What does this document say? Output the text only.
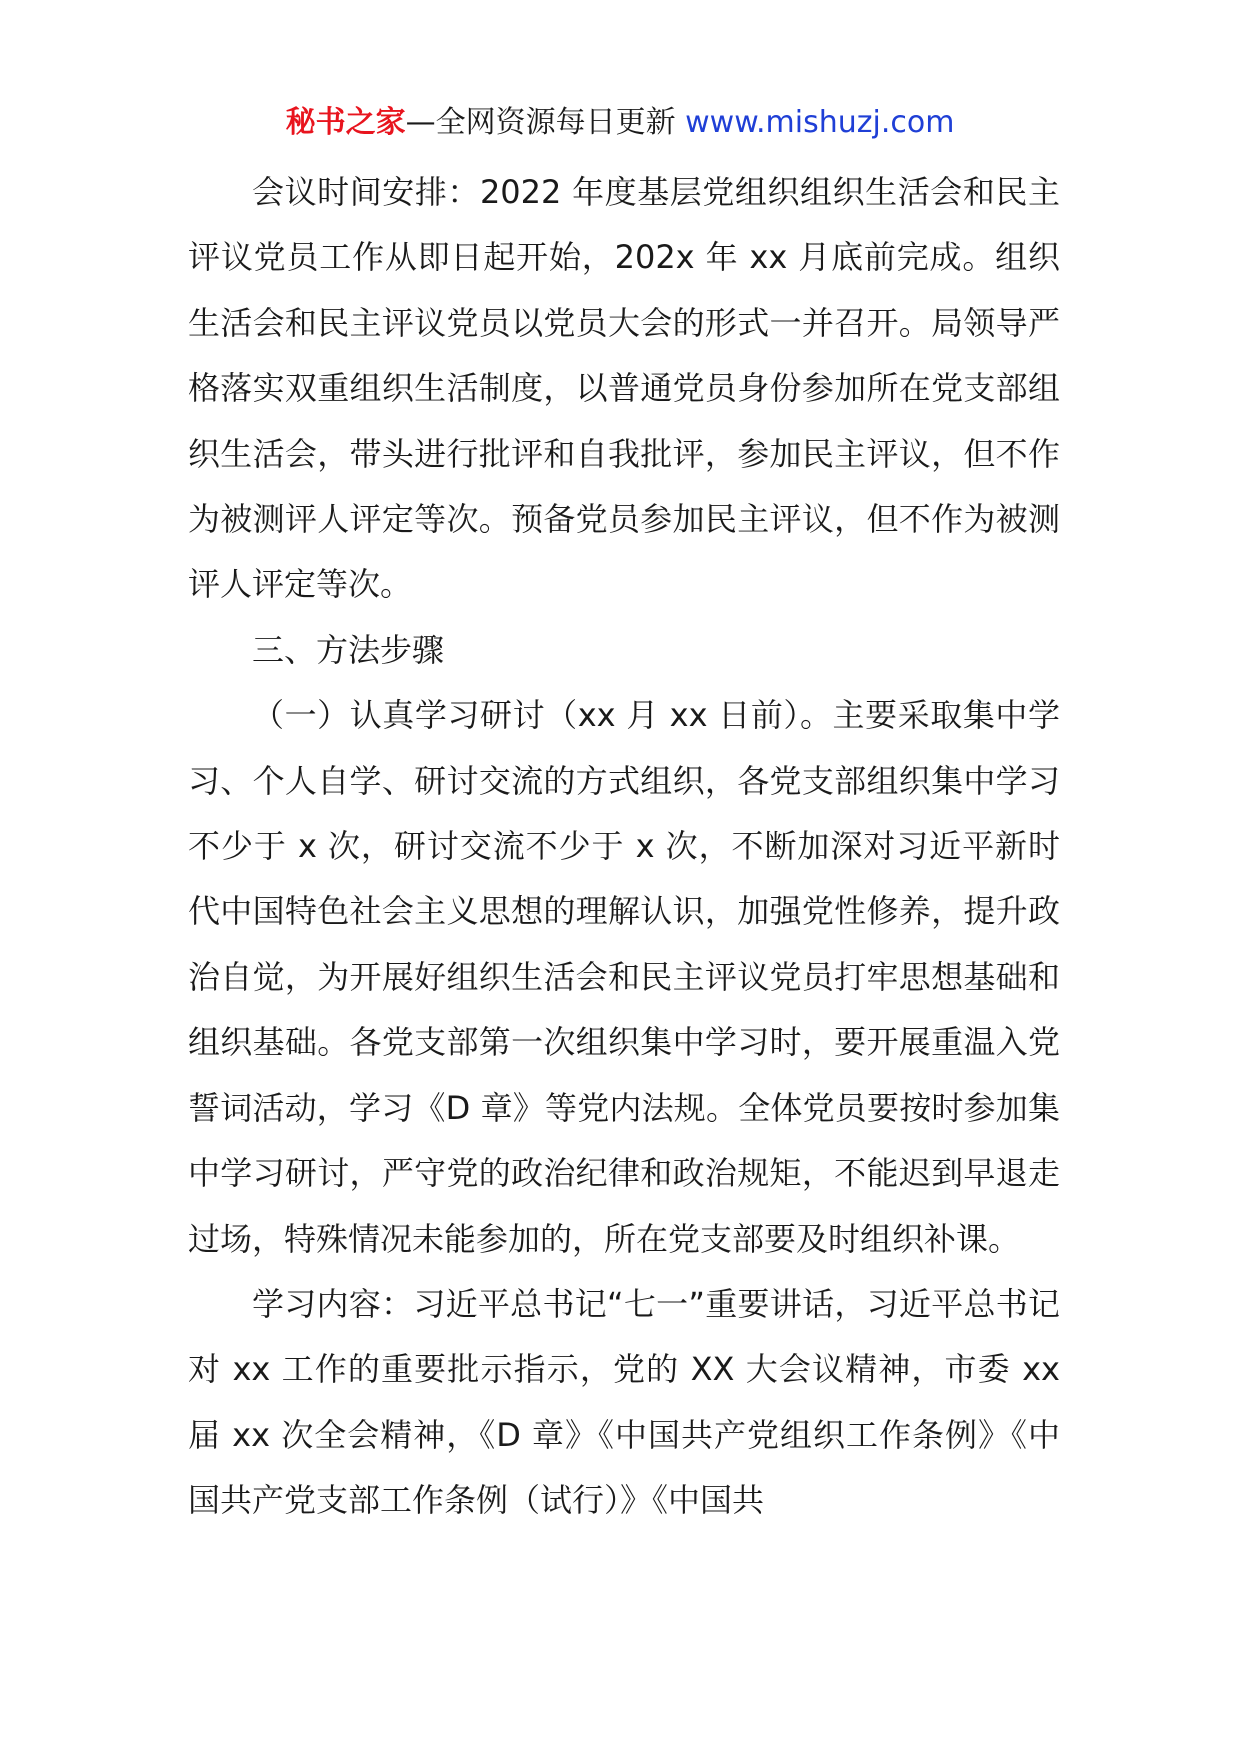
秘书之家—全网资源每日更新 www.mishuzj.com

会议时间安排：2022 年度基层党组织组织生活会和民主评议党员工作从即日起开始，202x 年 xx 月底前完成。组织生活会和民主评议党员以党员大会的形式一并召开。局领导严格落实双重组织生活制度，以普通党员身份参加所在党支部组织生活会，带头进行批评和自我批评，参加民主评议，但不作为被测评人评定等次。预备党员参加民主评议，但不作为被测评人评定等次。

三、方法步骤

（一）认真学习研讨（xx 月 xx 日前）。主要采取集中学习、个人自学、研讨交流的方式组织，各党支部组织集中学习不少于 x 次，研讨交流不少于 x 次，不断加深对习近平新时代中国特色社会主义思想的理解认识，加强党性修养，提升政治自觉，为开展好组织生活会和民主评议党员打牢思想基础和组织基础。各党支部第一次组织集中学习时，要开展重温入党誓词活动，学习《D 章》等党内法规。全体党员要按时参加集中学习研讨，严守党的政治纪律和政治规矩，不能迟到早退走过场，特殊情况未能参加的，所在党支部要及时组织补课。

学习内容：习近平总书记“七一”重要讲话，习近平总书记对 xx 工作的重要批示指示，党的 XX 大会议精神，市委 xx 届 xx 次全会精神，《D 章》《中国共产党组织工作条例》《中国共产党支部工作条例（试行）》《中国共
